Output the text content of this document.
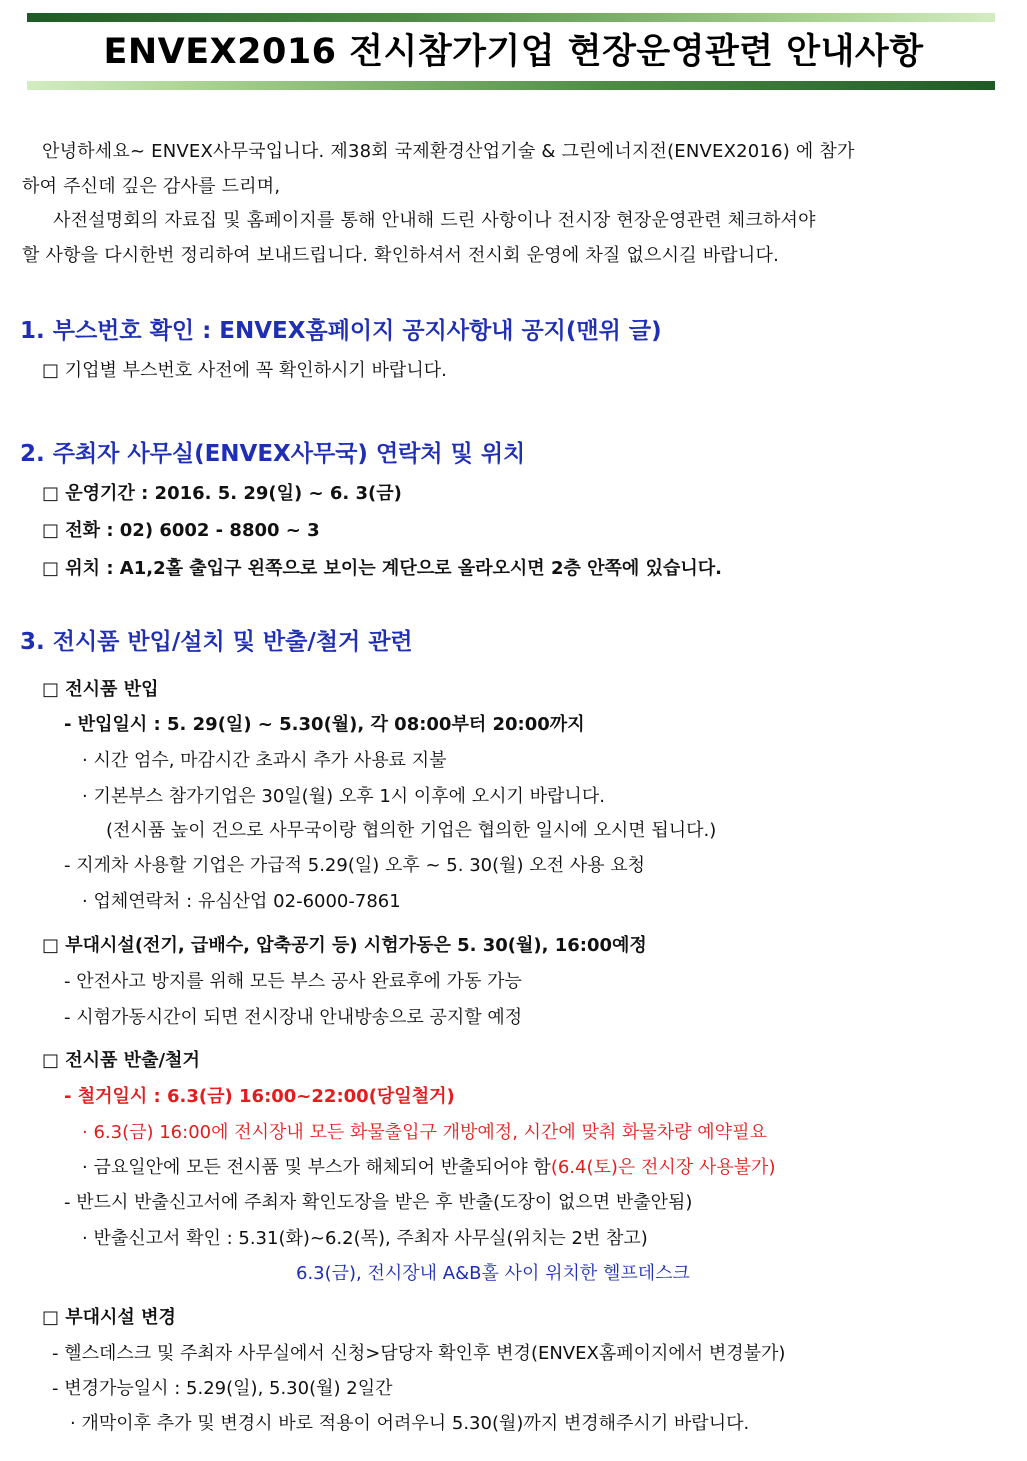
ENVEX2016 전시참가기업 현장운영관련 안내사항
안녕하세요~ ENVEX사무국입니다. 제38회 국제환경산업기술 & 그린에너지전(ENVEX2016) 에 참가
하여 주신데 깊은 감사를 드리며,
사전설명회의 자료집 및 홈페이지를 통해 안내해 드린 사항이나 전시장 현장운영관련 체크하셔야
할 사항을 다시한번 정리하여 보내드립니다. 확인하셔서 전시회 운영에 차질 없으시길 바랍니다.
1. 부스번호 확인 : ENVEX홈페이지 공지사항내 공지(맨위 글)
□ 기업별 부스번호 사전에 꼭 확인하시기 바랍니다.
2. 주최자 사무실(ENVEX사무국) 연락처 및 위치
□ 운영기간 : 2016. 5. 29(일) ~ 6. 3(금)
□ 전화 : 02) 6002 - 8800 ~ 3
□ 위치 : A1,2홀 출입구 왼쪽으로 보이는 계단으로 올라오시면 2층 안쪽에 있습니다.
3. 전시품 반입/설치 및 반출/철거 관련
□ 전시품 반입
- 반입일시 : 5. 29(일) ~ 5.30(월), 각 08:00부터 20:00까지
· 시간 엄수, 마감시간 초과시 추가 사용료 지불
· 기본부스 참가기업은 30일(월) 오후 1시 이후에 오시기 바랍니다.
(전시품 높이 건으로 사무국이랑 협의한 기업은 협의한 일시에 오시면 됩니다.)
- 지게차 사용할 기업은 가급적 5.29(일) 오후 ~ 5. 30(월) 오전 사용 요청
· 업체연락처 : 유심산업 02-6000-7861
□ 부대시설(전기, 급배수, 압축공기 등) 시험가동은 5. 30(월), 16:00예정
- 안전사고 방지를 위해 모든 부스 공사 완료후에 가동 가능
- 시험가동시간이 되면 전시장내 안내방송으로 공지할 예정
□ 전시품 반출/철거
- 철거일시 : 6.3(금) 16:00~22:00(당일철거)
· 6.3(금) 16:00에 전시장내 모든 화물출입구 개방예정, 시간에 맞춰 화물차량 예약필요
· 금요일안에 모든 전시품 및 부스가 해체되어 반출되어야 함(6.4(토)은 전시장 사용불가)
- 반드시 반출신고서에 주최자 확인도장을 받은 후 반출(도장이 없으면 반출안됨)
· 반출신고서 확인 : 5.31(화)~6.2(목), 주최자 사무실(위치는 2번 참고)
6.3(금), 전시장내 A&B홀 사이 위치한 헬프데스크
□ 부대시설 변경
- 헬스데스크 및 주최자 사무실에서 신청>담당자 확인후 변경(ENVEX홈페이지에서 변경불가)
- 변경가능일시 : 5.29(일), 5.30(월) 2일간
· 개막이후 추가 및 변경시 바로 적용이 어려우니 5.30(월)까지 변경해주시기 바랍니다.
